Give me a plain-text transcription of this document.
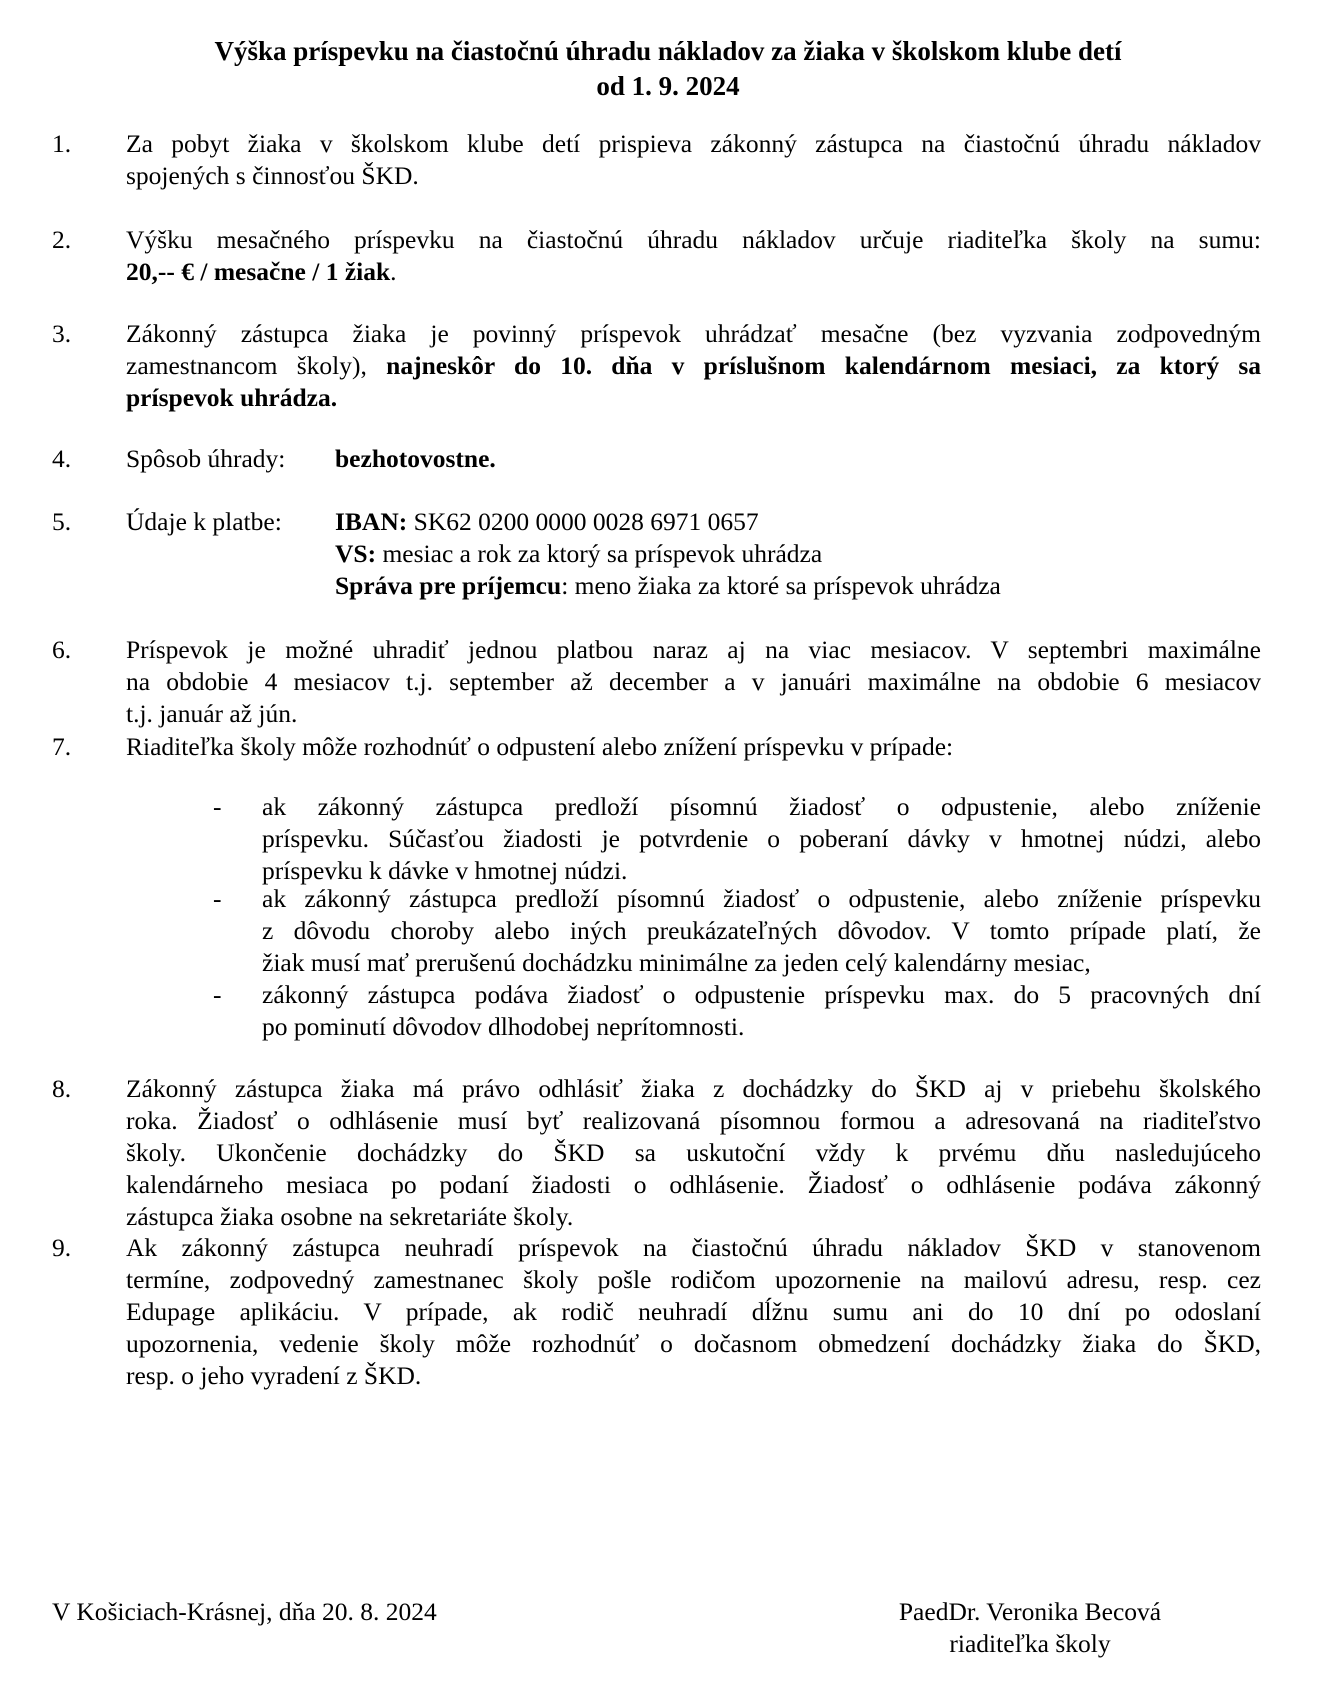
Výška príspevku na čiastočnú úhradu nákladov za žiaka v školskom klube detí
od 1. 9. 2024
1. Za pobyt žiaka v školskom klube detí prispieva zákonný zástupca na čiastočnú úhradu nákladov
spojených s činnosťou ŠKD.
2. Výšku mesačného príspevku na čiastočnú úhradu nákladov určuje riaditeľka školy na sumu:
20,-- € / mesačne / 1 žiak.
3. Zákonný zástupca žiaka je povinný príspevok uhrádzať mesačne (bez vyzvania zodpovedným
zamestnancom školy), najneskôr do 10. dňa v príslušnom kalendárnom mesiaci, za ktorý sa
príspevok uhrádza.
4. Spôsob úhrady: bezhotovostne.
5. Údaje k platbe: IBAN: SK62 0200 0000 0028 6971 0657
VS: mesiac a rok za ktorý sa príspevok uhrádza
Správa pre príjemcu: meno žiaka za ktoré sa príspevok uhrádza
6. Príspevok je možné uhradiť jednou platbou naraz aj na viac mesiacov. V septembri maximálne
na obdobie 4 mesiacov t.j. september až december a v januári maximálne na obdobie 6 mesiacov
t.j. január až jún.
7. Riaditeľka školy môže rozhodnúť o odpustení alebo znížení príspevku v prípade:
- ak zákonný zástupca predloží písomnú žiadosť o odpustenie, alebo zníženie
príspevku. Súčasťou žiadosti je potvrdenie o poberaní dávky v hmotnej núdzi, alebo
príspevku k dávke v hmotnej núdzi.
- ak zákonný zástupca predloží písomnú žiadosť o odpustenie, alebo zníženie príspevku
z dôvodu choroby alebo iných preukázateľných dôvodov. V tomto prípade platí, že
žiak musí mať prerušenú dochádzku minimálne za jeden celý kalendárny mesiac,
- zákonný zástupca podáva žiadosť o odpustenie príspevku max. do 5 pracovných dní
po pominutí dôvodov dlhodobej neprítomnosti.
8. Zákonný zástupca žiaka má právo odhlásiť žiaka z dochádzky do ŠKD aj v priebehu školského
roka. Žiadosť o odhlásenie musí byť realizovaná písomnou formou a adresovaná na riaditeľstvo
školy. Ukončenie dochádzky do ŠKD sa uskutoční vždy k prvému dňu nasledujúceho
kalendárneho mesiaca po podaní žiadosti o odhlásenie. Žiadosť o odhlásenie podáva zákonný
zástupca žiaka osobne na sekretariáte školy.
9. Ak zákonný zástupca neuhradí príspevok na čiastočnú úhradu nákladov ŠKD v stanovenom
termíne, zodpovedný zamestnanec školy pošle rodičom upozornenie na mailovú adresu, resp. cez
Edupage aplikáciu. V prípade, ak rodič neuhradí dĺžnu sumu ani do 10 dní po odoslaní
upozornenia, vedenie školy môže rozhodnúť o dočasnom obmedzení dochádzky žiaka do ŠKD,
resp. o jeho vyradení z ŠKD.
V Košiciach-Krásnej, dňa 20. 8. 2024	PaedDr. Veronika Becová
riaditeľka školy
